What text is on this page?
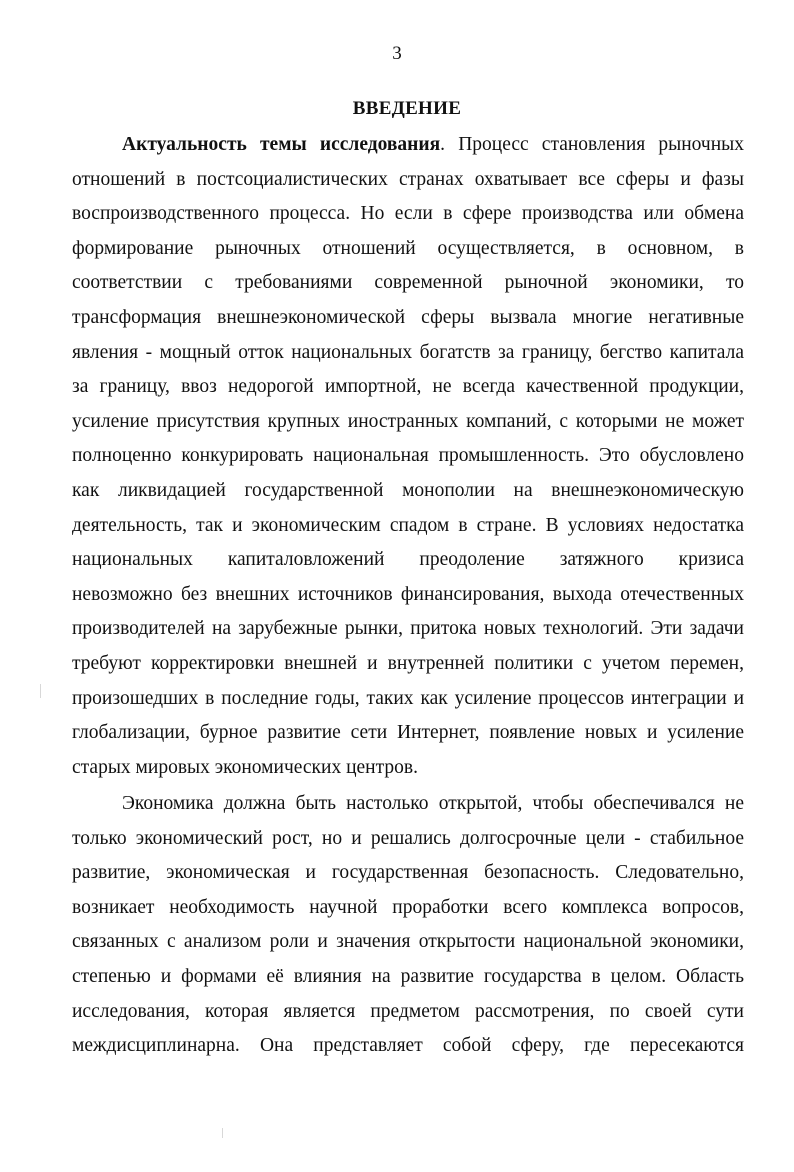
3
ВВЕДЕНИЕ
Актуальность темы исследования. Процесс становления рыночных
отношений в постсоциалистических странах охватывает все сферы и фазы
воспроизводственного процесса. Но если в сфере производства или обмена
формирование рыночных отношений осуществляется, в основном, в
соответствии с требованиями современной рыночной экономики, то
трансформация внешнеэкономической сферы вызвала многие негативные
явления - мощный отток национальных богатств за границу, бегство капитала
за границу, ввоз недорогой импортной, не всегда качественной продукции,
усиление присутствия крупных иностранных компаний, с которыми не может
полноценно конкурировать национальная промышленность. Это обусловлено
как ликвидацией государственной монополии на внешнеэкономическую
деятельность, так и экономическим спадом в стране. В условиях недостатка
национальных капиталовложений преодоление затяжного кризиса
невозможно без внешних источников финансирования, выхода отечественных
производителей на зарубежные рынки, притока новых технологий. Эти задачи
требуют корректировки внешней и внутренней политики с учетом перемен,
произошедших в последние годы, таких как усиление процессов интеграции и
глобализации, бурное развитие сети Интернет, появление новых и усиление
старых мировых экономических центров.
Экономика должна быть настолько открытой, чтобы обеспечивался не
только экономический рост, но и решались долгосрочные цели - стабильное
развитие, экономическая и государственная безопасность. Следовательно,
возникает необходимость научной проработки всего комплекса вопросов,
связанных с анализом роли и значения открытости национальной экономики,
степенью и формами её влияния на развитие государства в целом. Область
исследования, которая является предметом рассмотрения, по своей сути
междисциплинарна. Она представляет собой сферу, где пересекаются
